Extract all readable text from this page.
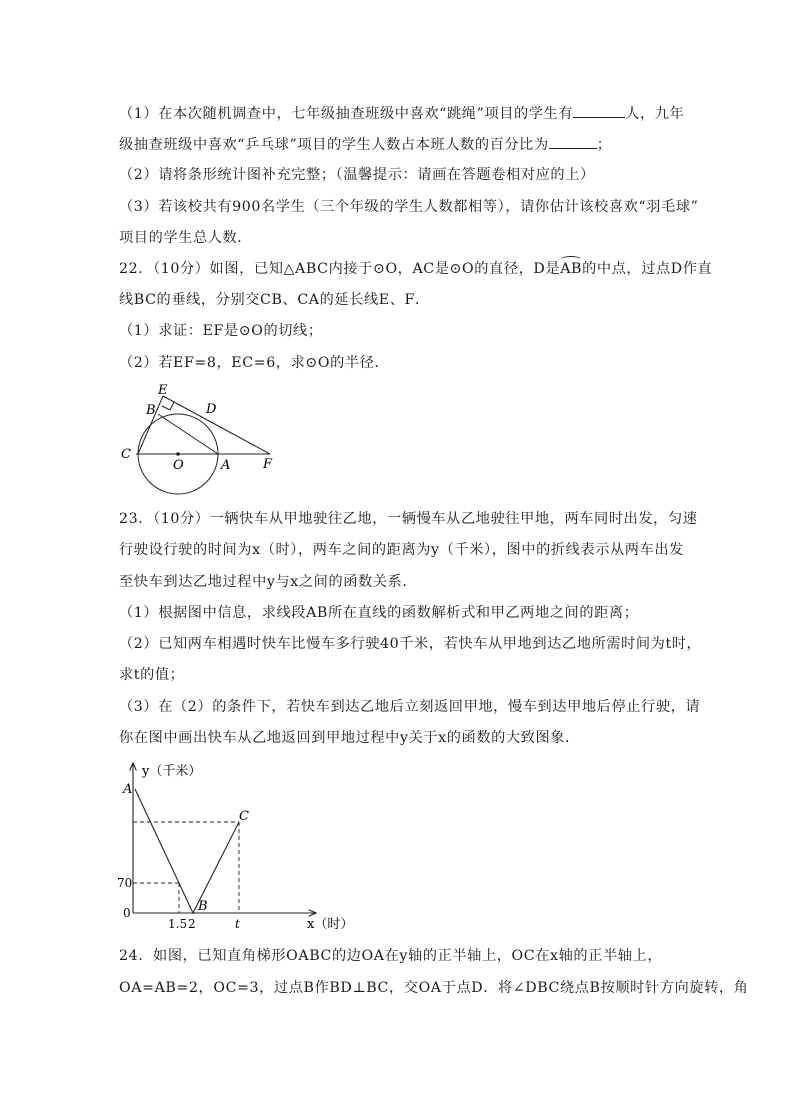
（1）在本次随机调查中，七年级抽查班级中喜欢“跳绳”项目的学生有	人，九年
级抽查班级中喜欢“乒乓球”项目的学生人数占本班人数的百分比为	；
（2）请将条形统计图补充完整；（温馨提示：请画在答题卷相对应的上）
（3）若该校共有900名学生（三个年级的学生人数都相等），请你估计该校喜欢“羽毛球”
项目的学生总人数．
22．（10分）如图，已知△ABC内接于⊙O，AC是⊙O的直径，D是AB的中点，过点D作直
线BC的垂线，分别交CB、CA的延长线E、F．
（1）求证：EF是⊙O的切线；
（2）若EF=8，EC=6，求⊙O的半径．
E
B	D
C
O	A	F
23．（10分）一辆快车从甲地驶往乙地，一辆慢车从乙地驶往甲地，两车同时出发，匀速
行驶设行驶的时间为x（时），两车之间的距离为y（千米），图中的折线表示从两车出发
至快车到达乙地过程中y与x之间的函数关系．
（1）根据图中信息，求线段AB所在直线的函数解析式和甲乙两地之间的距离；
（2）已知两车相遇时快车比慢车多行驶40千米，若快车从甲地到达乙地所需时间为t时，
求t的值；
（3）在（2）的条件下，若快车到达乙地后立刻返回甲地，慢车到达甲地后停止行驶，请
你在图中画出快车从乙地返回到甲地过程中y关于x的函数的大致图象．
y（千米）
x（时）
A
B
C
70
0
1.5 2	t
24．如图，已知直角梯形OABC的边OA在y轴的正半轴上，OC在x轴的正半轴上，
OA=AB=2，OC=3，过点B作BD⊥BC，交OA于点D．将∠DBC绕点B按顺时针方向旋转，角
